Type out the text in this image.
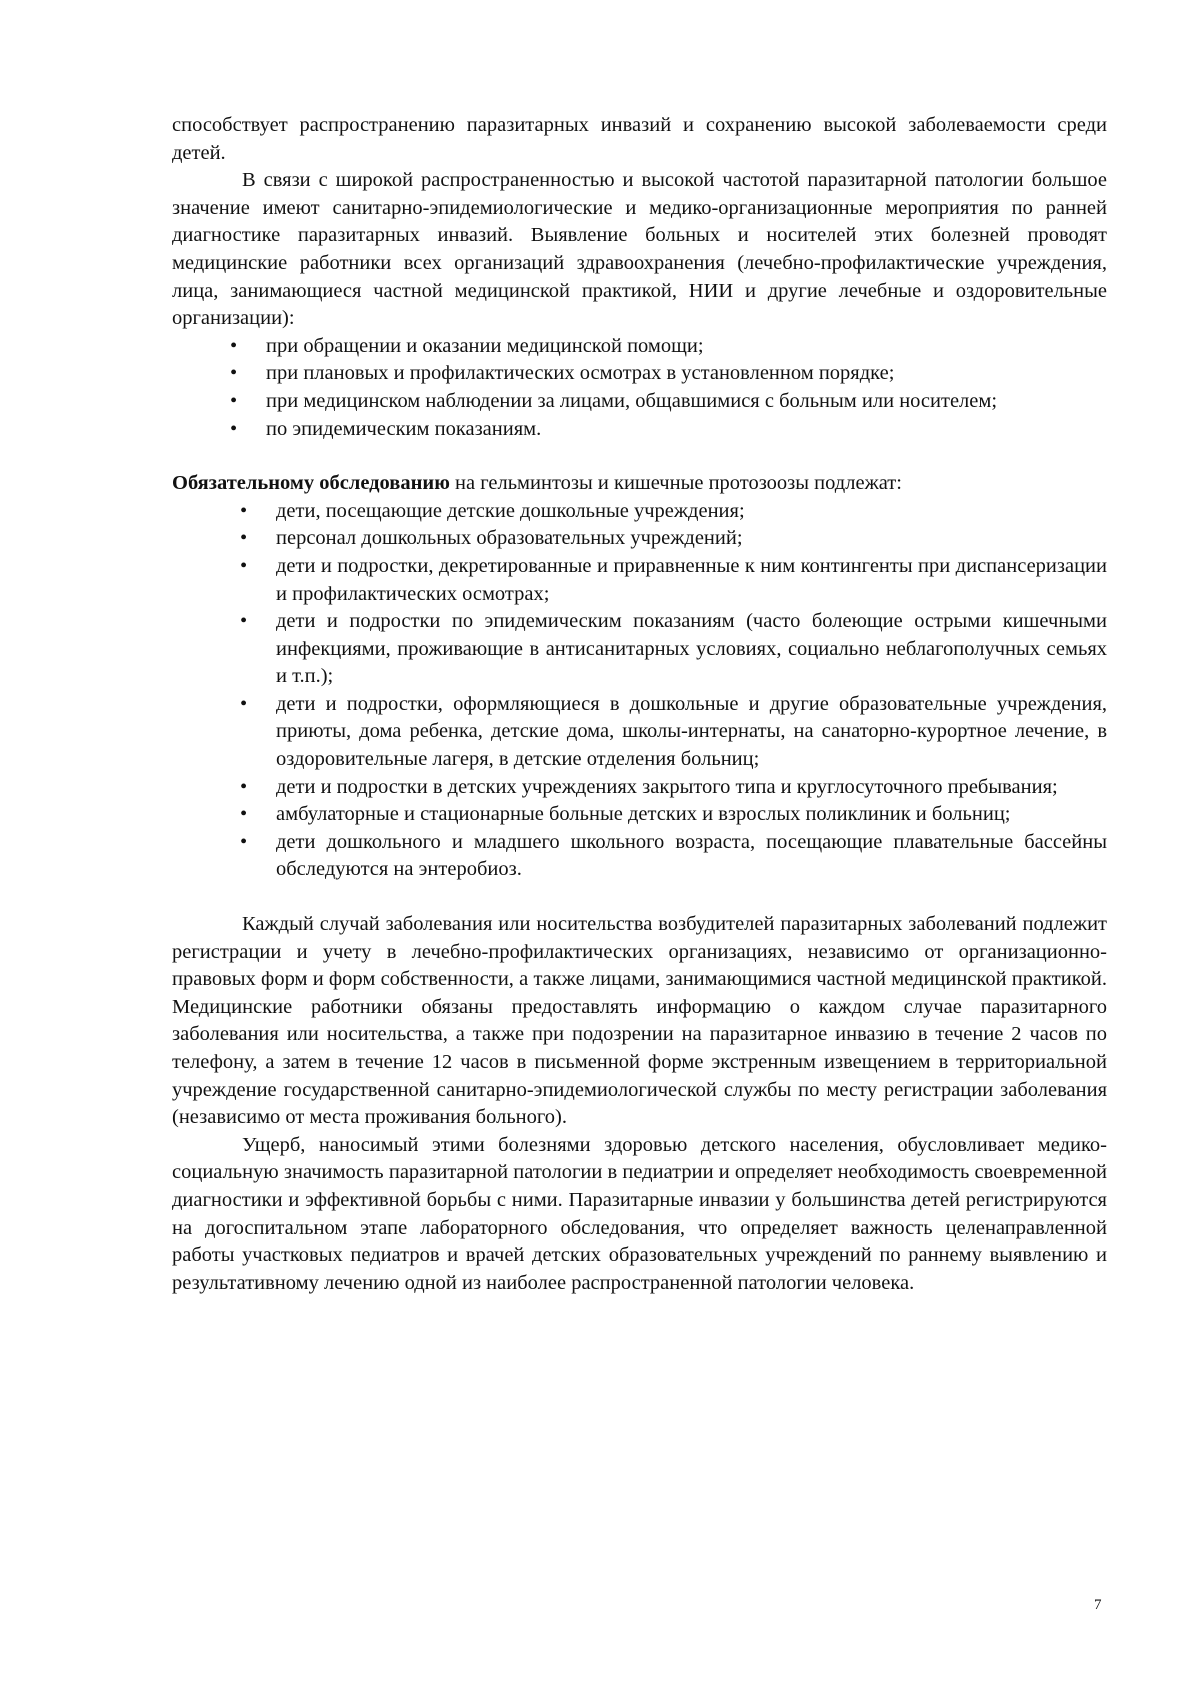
способствует распространению паразитарных инвазий и сохранению высокой заболеваемости среди детей.

В связи с широкой распространенностью и высокой частотой паразитарной патологии большое значение имеют санитарно-эпидемиологические и медико-организационные мероприятия по ранней диагностике паразитарных инвазий. Выявление больных и носителей этих болезней проводят медицинские работники всех организаций здравоохранения (лечебно-профилактические учреждения, лица, занимающиеся частной медицинской практикой, НИИ и другие лечебные и оздоровительные организации):

• при обращении и оказании медицинской помощи;
• при плановых и профилактических осмотрах в установленном порядке;
• при медицинском наблюдении за лицами, общавшимися с больным или носителем;
• по эпидемическим показаниям.

Обязательному обследованию на гельминтозы и кишечные протозоозы подлежат:

• дети, посещающие детские дошкольные учреждения;
• персонал дошкольных образовательных учреждений;
• дети и подростки, декретированные и приравненные к ним контингенты при диспансеризации и профилактических осмотрах;
• дети и подростки по эпидемическим показаниям (часто болеющие острыми кишечными инфекциями, проживающие в антисанитарных условиях, социально неблагополучных семьях и т.п.);
• дети и подростки, оформляющиеся в дошкольные и другие образовательные учреждения, приюты, дома ребенка, детские дома, школы-интернаты, на санаторно-курортное лечение, в оздоровительные лагеря, в детские отделения больниц;
• дети и подростки в детских учреждениях закрытого типа и круглосуточного пребывания;
• амбулаторные и стационарные больные детских и взрослых поликлиник и больниц;
• дети дошкольного и младшего школьного возраста, посещающие плавательные бассейны обследуются на энтеробиоз.

Каждый случай заболевания или носительства возбудителей паразитарных заболеваний подлежит регистрации и учету в лечебно-профилактических организациях, независимо от организационно-правовых форм и форм собственности, а также лицами, занимающимися частной медицинской практикой. Медицинские работники обязаны предоставлять информацию о каждом случае паразитарного заболевания или носительства, а также при подозрении на паразитарное инвазию в течение 2 часов по телефону, а затем в течение 12 часов в письменной форме экстренным извещением в территориальной учреждение государственной санитарно-эпидемиологической службы по месту регистрации заболевания (независимо от места проживания больного).

Ущерб, наносимый этими болезнями здоровью детского населения, обусловливает медико-социальную значимость паразитарной патологии в педиатрии и определяет необходимость своевременной диагностики и эффективной борьбы с ними. Паразитарные инвазии у большинства детей регистрируются на догоспитальном этапе лабораторного обследования, что определяет важность целенаправленной работы участковых педиатров и врачей детских образовательных учреждений по раннему выявлению и результативному лечению одной из наиболее распространенной патологии человека.

7
